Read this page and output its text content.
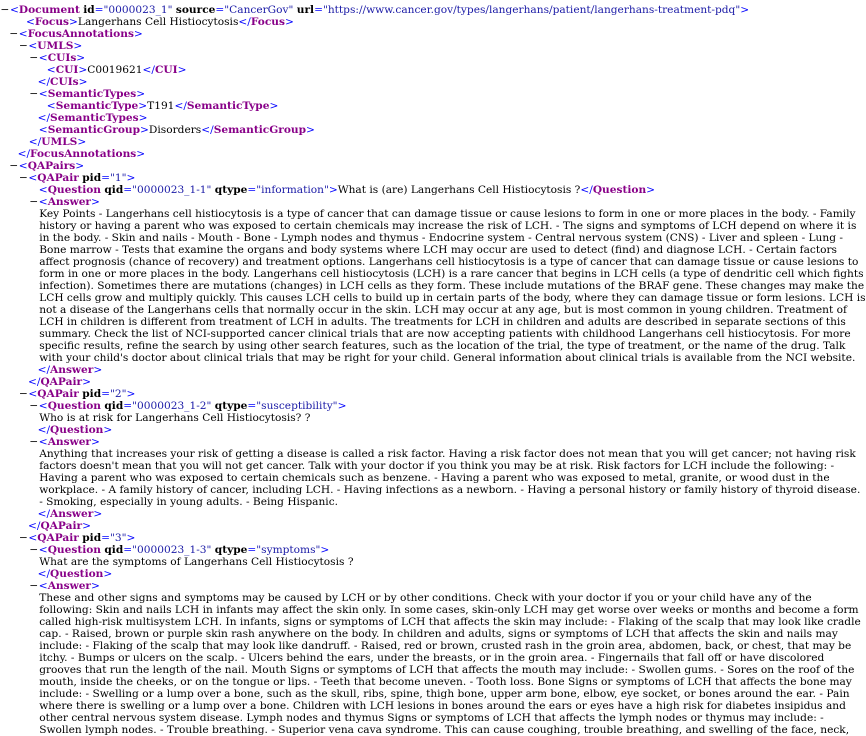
−<Document id="0000023_1" source="CancerGov" url="https://www.cancer.gov/types/langerhans/patient/langerhans-treatment-pdq">
<Focus>Langerhans Cell Histiocytosis</Focus>
−<FocusAnnotations>
−<UMLS>
−<CUIs>
<CUI>C0019621</CUI>
</CUIs>
−<SemanticTypes>
<SemanticType>T191</SemanticType>
</SemanticTypes>
<SemanticGroup>Disorders</SemanticGroup>
</UMLS>
</FocusAnnotations>
−<QAPairs>
−<QAPair pid="1">
<Question qid="0000023_1-1" qtype="information">What is (are) Langerhans Cell Histiocytosis ?</Question>
−<Answer>
Key Points - Langerhans cell histiocytosis is a type of cancer that can damage tissue or cause lesions to form in one or more places in the body. - Family
history or having a parent who was exposed to certain chemicals may increase the risk of LCH. - The signs and symptoms of LCH depend on where it is
in the body. - Skin and nails - Mouth - Bone - Lymph nodes and thymus - Endocrine system - Central nervous system (CNS) - Liver and spleen - Lung -
Bone marrow - Tests that examine the organs and body systems where LCH may occur are used to detect (find) and diagnose LCH. - Certain factors
affect prognosis (chance of recovery) and treatment options. Langerhans cell histiocytosis is a type of cancer that can damage tissue or cause lesions to
form in one or more places in the body. Langerhans cell histiocytosis (LCH) is a rare cancer that begins in LCH cells (a type of dendritic cell which fights
infection). Sometimes there are mutations (changes) in LCH cells as they form. These include mutations of the BRAF gene. These changes may make the
LCH cells grow and multiply quickly. This causes LCH cells to build up in certain parts of the body, where they can damage tissue or form lesions. LCH is
not a disease of the Langerhans cells that normally occur in the skin. LCH may occur at any age, but is most common in young children. Treatment of
LCH in children is different from treatment of LCH in adults. The treatments for LCH in children and adults are described in separate sections of this
summary. Check the list of NCI-supported cancer clinical trials that are now accepting patients with childhood Langerhans cell histiocytosis. For more
specific results, refine the search by using other search features, such as the location of the trial, the type of treatment, or the name of the drug. Talk
with your child's doctor about clinical trials that may be right for your child. General information about clinical trials is available from the NCI website.
</Answer>
</QAPair>
−<QAPair pid="2">
−<Question qid="0000023_1-2" qtype="susceptibility">
Who is at risk for Langerhans Cell Histiocytosis? ?
</Question>
−<Answer>
Anything that increases your risk of getting a disease is called a risk factor. Having a risk factor does not mean that you will get cancer; not having risk
factors doesn't mean that you will not get cancer. Talk with your doctor if you think you may be at risk. Risk factors for LCH include the following: -
Having a parent who was exposed to certain chemicals such as benzene. - Having a parent who was exposed to metal, granite, or wood dust in the
workplace. - A family history of cancer, including LCH. - Having infections as a newborn. - Having a personal history or family history of thyroid disease.
- Smoking, especially in young adults. - Being Hispanic.
</Answer>
</QAPair>
−<QAPair pid="3">
−<Question qid="0000023_1-3" qtype="symptoms">
What are the symptoms of Langerhans Cell Histiocytosis ?
</Question>
−<Answer>
These and other signs and symptoms may be caused by LCH or by other conditions. Check with your doctor if you or your child have any of the
following: Skin and nails LCH in infants may affect the skin only. In some cases, skin-only LCH may get worse over weeks or months and become a form
called high-risk multisystem LCH. In infants, signs or symptoms of LCH that affects the skin may include: - Flaking of the scalp that may look like cradle
cap. - Raised, brown or purple skin rash anywhere on the body. In children and adults, signs or symptoms of LCH that affects the skin and nails may
include: - Flaking of the scalp that may look like dandruff. - Raised, red or brown, crusted rash in the groin area, abdomen, back, or chest, that may be
itchy. - Bumps or ulcers on the scalp. - Ulcers behind the ears, under the breasts, or in the groin area. - Fingernails that fall off or have discolored
grooves that run the length of the nail. Mouth Signs or symptoms of LCH that affects the mouth may include: - Swollen gums. - Sores on the roof of the
mouth, inside the cheeks, or on the tongue or lips. - Teeth that become uneven. - Tooth loss. Bone Signs or symptoms of LCH that affects the bone may
include: - Swelling or a lump over a bone, such as the skull, ribs, spine, thigh bone, upper arm bone, elbow, eye socket, or bones around the ear. - Pain
where there is swelling or a lump over a bone. Children with LCH lesions in bones around the ears or eyes have a high risk for diabetes insipidus and
other central nervous system disease. Lymph nodes and thymus Signs or symptoms of LCH that affects the lymph nodes or thymus may include: -
Swollen lymph nodes. - Trouble breathing. - Superior vena cava syndrome. This can cause coughing, trouble breathing, and swelling of the face, neck,
